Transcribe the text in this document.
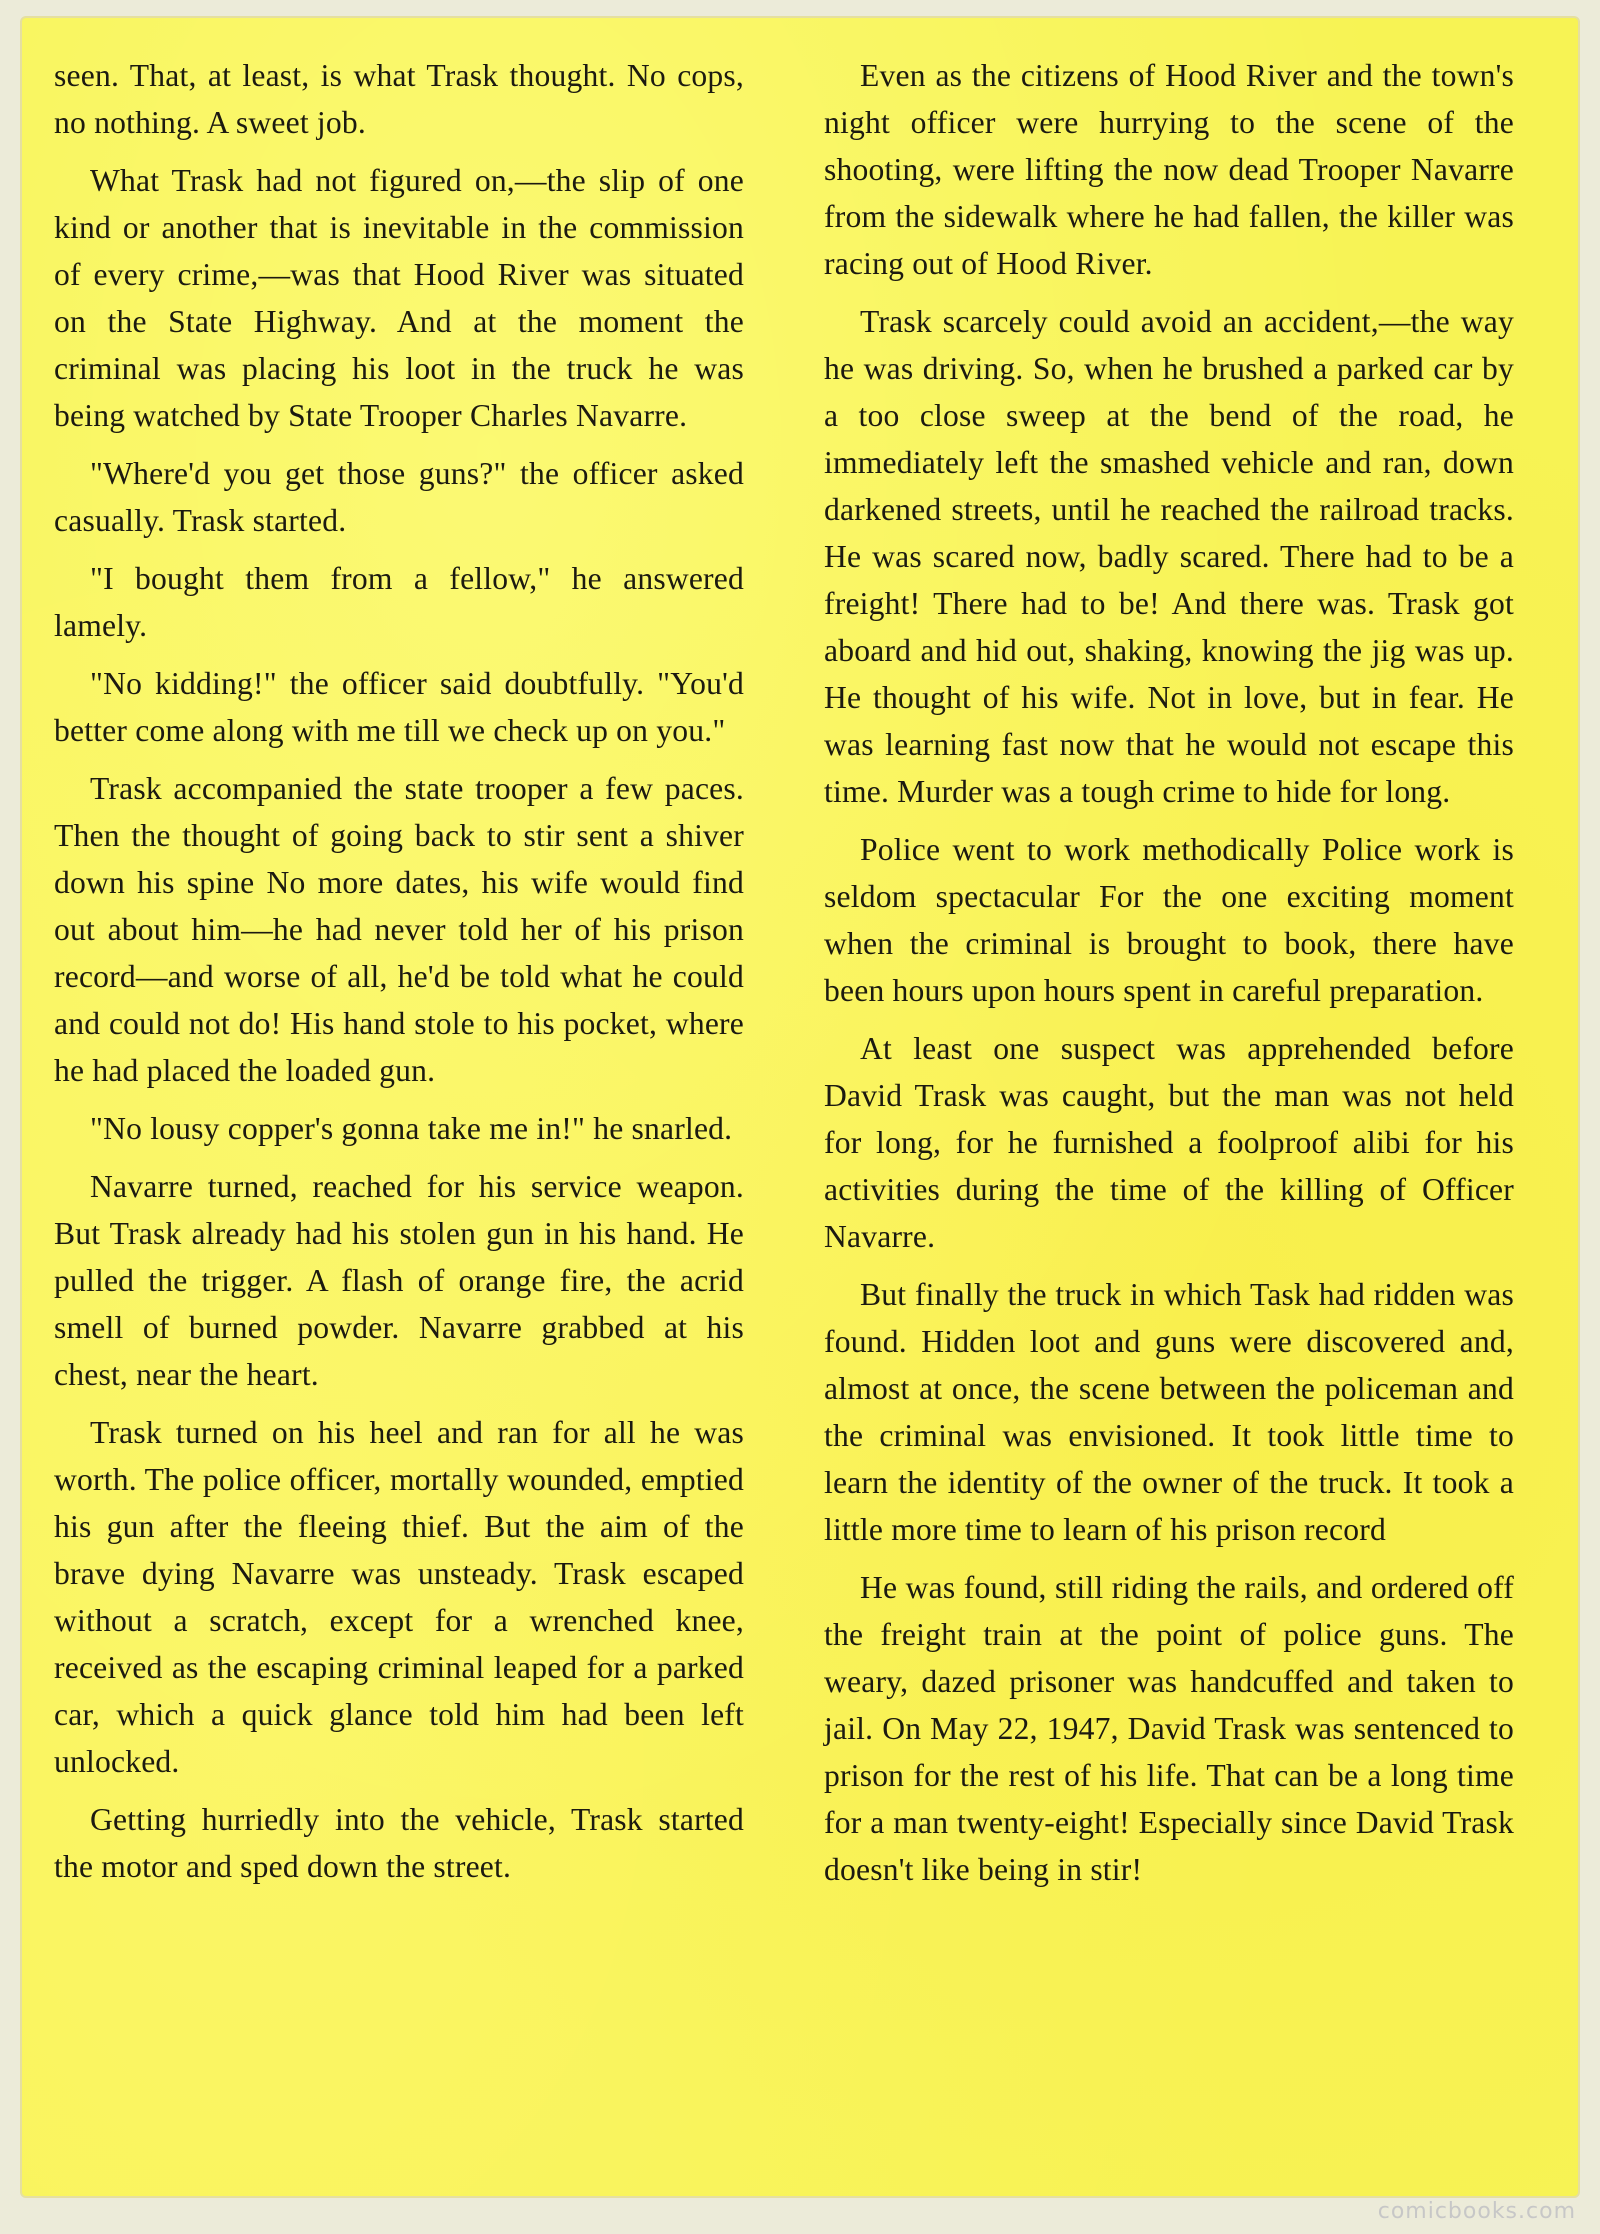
seen. That, at least, is what Trask thought. No cops, no nothing. A sweet job.

What Trask had not figured on,—the slip of one kind or another that is inevitable in the commission of every crime,—was that Hood River was situated on the State Highway. And at the moment the criminal was placing his loot in the truck he was being watched by State Trooper Charles Navarre.

"Where'd you get those guns?" the officer asked casually. Trask started.

"I bought them from a fellow," he answered lamely.

"No kidding!" the officer said doubtfully. "You'd better come along with me till we check up on you."

Trask accompanied the state trooper a few paces. Then the thought of going back to stir sent a shiver down his spine No more dates, his wife would find out about him—he had never told her of his prison record—and worse of all, he'd be told what he could and could not do! His hand stole to his pocket, where he had placed the loaded gun.

"No lousy copper's gonna take me in!" he snarled.

Navarre turned, reached for his service weapon. But Trask already had his stolen gun in his hand. He pulled the trigger. A flash of orange fire, the acrid smell of burned powder. Navarre grabbed at his chest, near the heart.

Trask turned on his heel and ran for all he was worth. The police officer, mortally wounded, emptied his gun after the fleeing thief. But the aim of the brave dying Navarre was unsteady. Trask escaped without a scratch, except for a wrenched knee, received as the escaping criminal leaped for a parked car, which a quick glance told him had been left unlocked.

Getting hurriedly into the vehicle, Trask started the motor and sped down the street.

Even as the citizens of Hood River and the town's night officer were hurrying to the scene of the shooting, were lifting the now dead Trooper Navarre from the sidewalk where he had fallen, the killer was racing out of Hood River.

Trask scarcely could avoid an accident,—the way he was driving. So, when he brushed a parked car by a too close sweep at the bend of the road, he immediately left the smashed vehicle and ran, down darkened streets, until he reached the railroad tracks. He was scared now, badly scared. There had to be a freight! There had to be! And there was. Trask got aboard and hid out, shaking, knowing the jig was up. He thought of his wife. Not in love, but in fear. He was learning fast now that he would not escape this time. Murder was a tough crime to hide for long.

Police went to work methodically Police work is seldom spectacular For the one exciting moment when the criminal is brought to book, there have been hours upon hours spent in careful preparation.

At least one suspect was apprehended before David Trask was caught, but the man was not held for long, for he furnished a foolproof alibi for his activities during the time of the killing of Officer Navarre.

But finally the truck in which Task had ridden was found. Hidden loot and guns were discovered and, almost at once, the scene between the policeman and the criminal was envisioned. It took little time to learn the identity of the owner of the truck. It took a little more time to learn of his prison record

He was found, still riding the rails, and ordered off the freight train at the point of police guns. The weary, dazed prisoner was handcuffed and taken to jail. On May 22, 1947, David Trask was sentenced to prison for the rest of his life. That can be a long time for a man twenty-eight! Especially since David Trask doesn't like being in stir!

comicbooks.com
